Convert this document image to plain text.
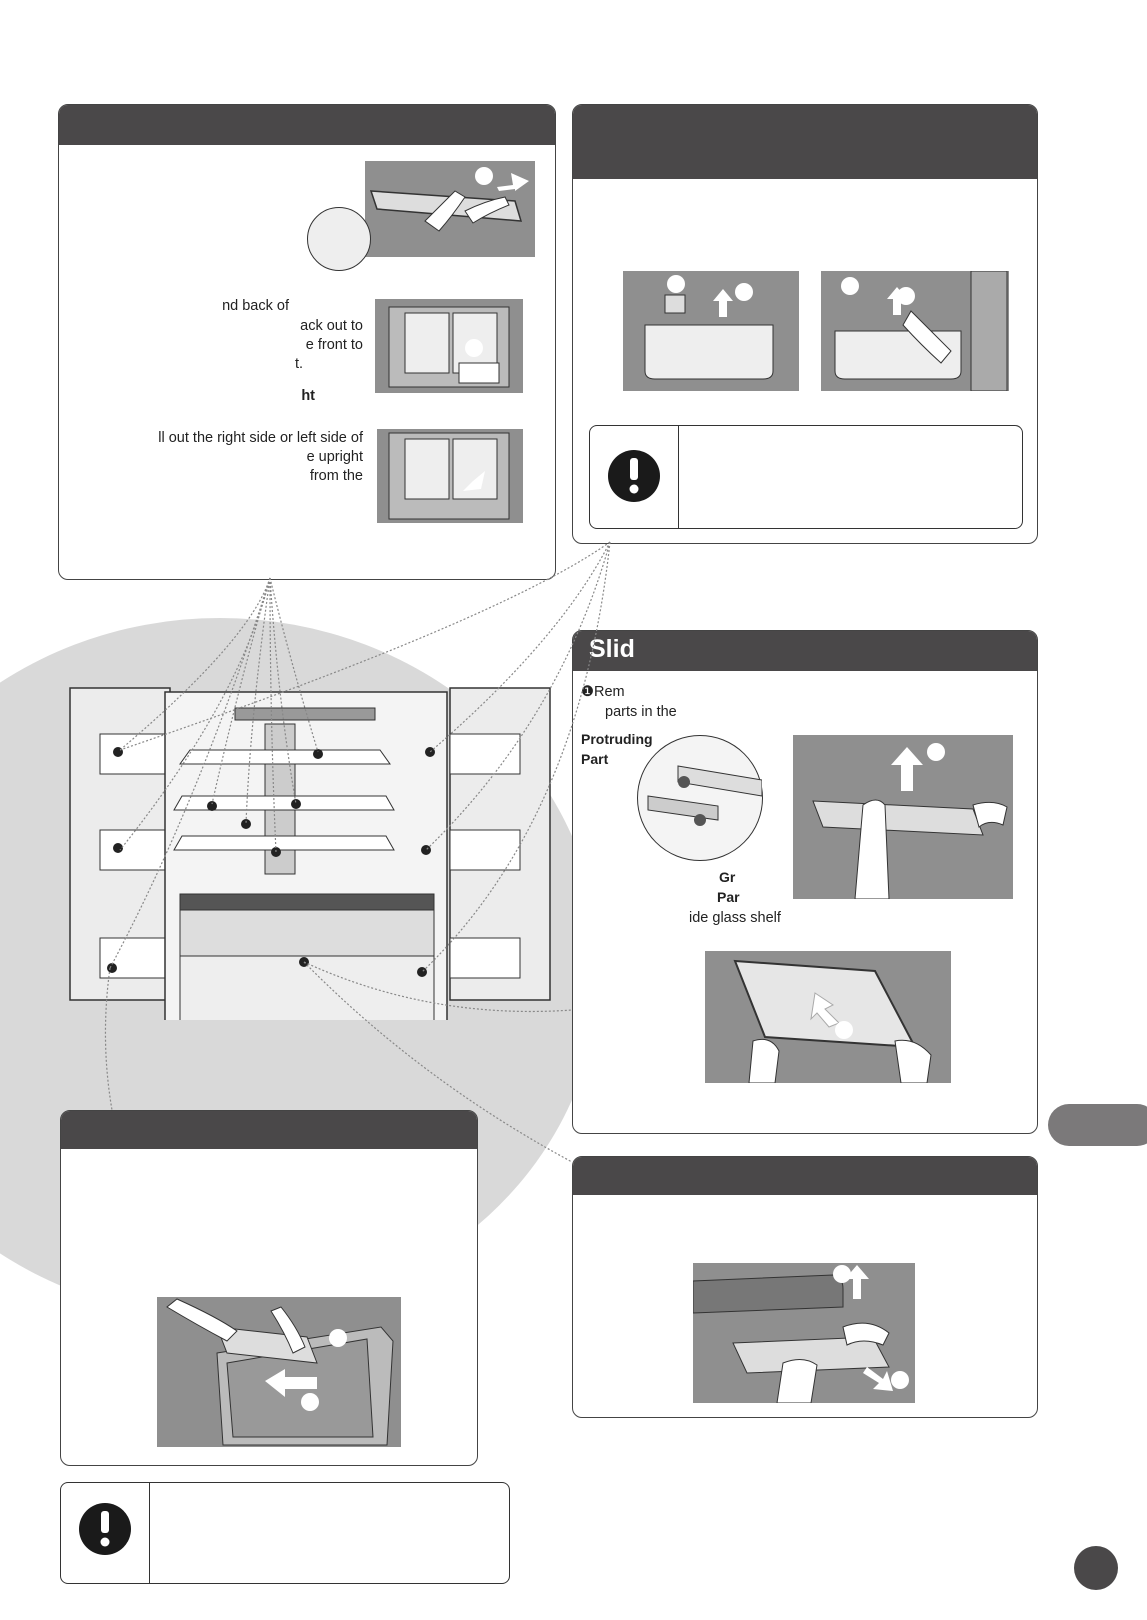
nd back of
ack out to
e front to
t.
ht
ll out the right side or left side of
e upright
from the
Slid
❶Rem
parts in the
Protruding
Part
Gr
Par
ide glass shelf
